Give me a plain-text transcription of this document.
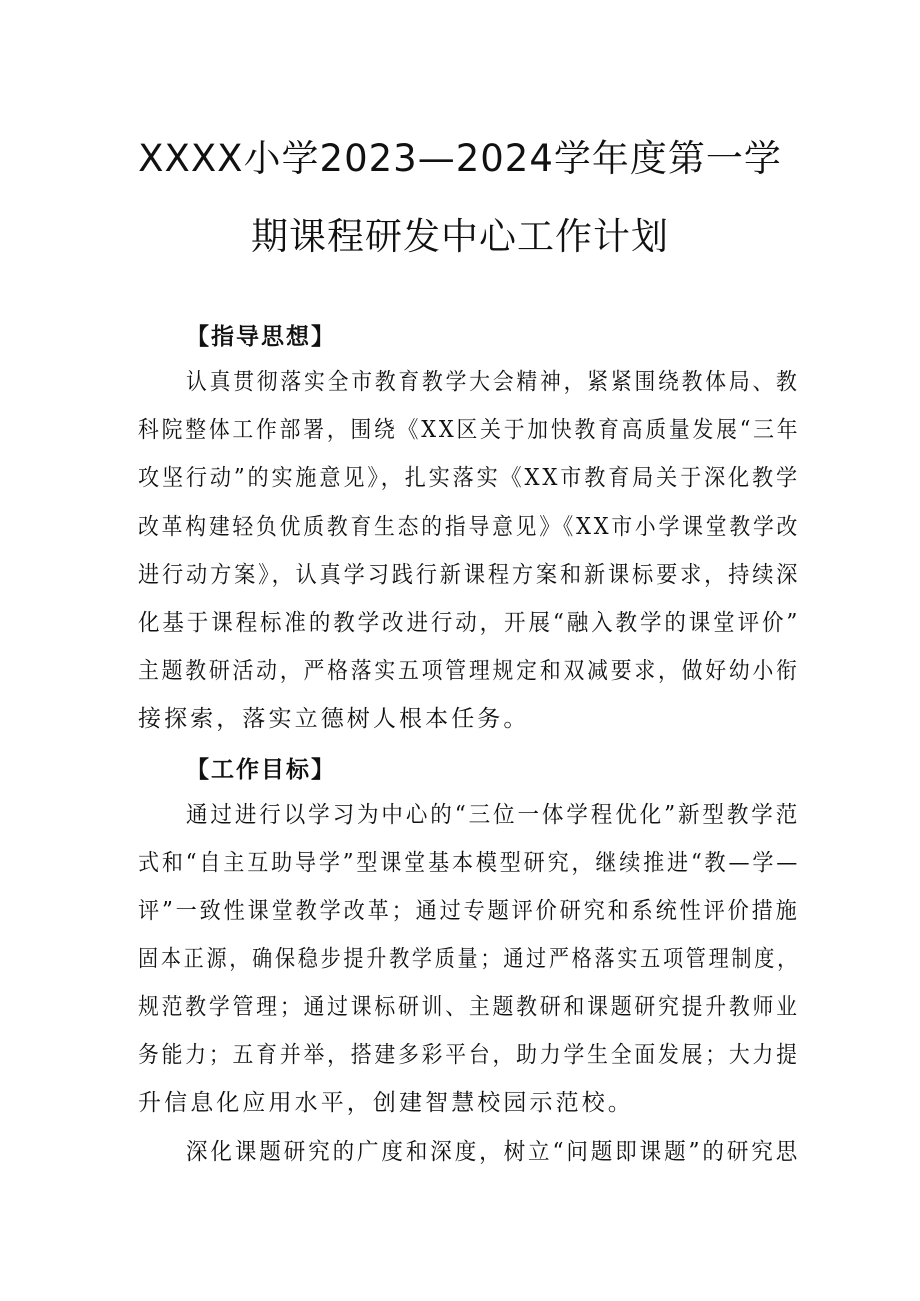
XXXX小学2023—2024学年度第一学
期课程研发中心工作计划
【指导思想】
认真贯彻落实全市教育教学大会精神，紧紧围绕教体局、教
科院整体工作部署，围绕《XX区关于加快教育高质量发展“三年
攻坚行动”的实施意见》，扎实落实《XX市教育局关于深化教学
改革构建轻负优质教育生态的指导意见》《XX市小学课堂教学改
进行动方案》，认真学习践行新课程方案和新课标要求，持续深
化基于课程标准的教学改进行动，开展“融入教学的课堂评价”
主题教研活动，严格落实五项管理规定和双减要求，做好幼小衔
接探索，落实立德树人根本任务。
【工作目标】
通过进行以学习为中心的“三位一体学程优化”新型教学范
式和“自主互助导学”型课堂基本模型研究，继续推进“教—学—
评”一致性课堂教学改革；通过专题评价研究和系统性评价措施
固本正源，确保稳步提升教学质量；通过严格落实五项管理制度，
规范教学管理；通过课标研训、主题教研和课题研究提升教师业
务能力；五育并举，搭建多彩平台，助力学生全面发展；大力提
升信息化应用水平，创建智慧校园示范校。
深化课题研究的广度和深度，树立“问题即课题”的研究思
